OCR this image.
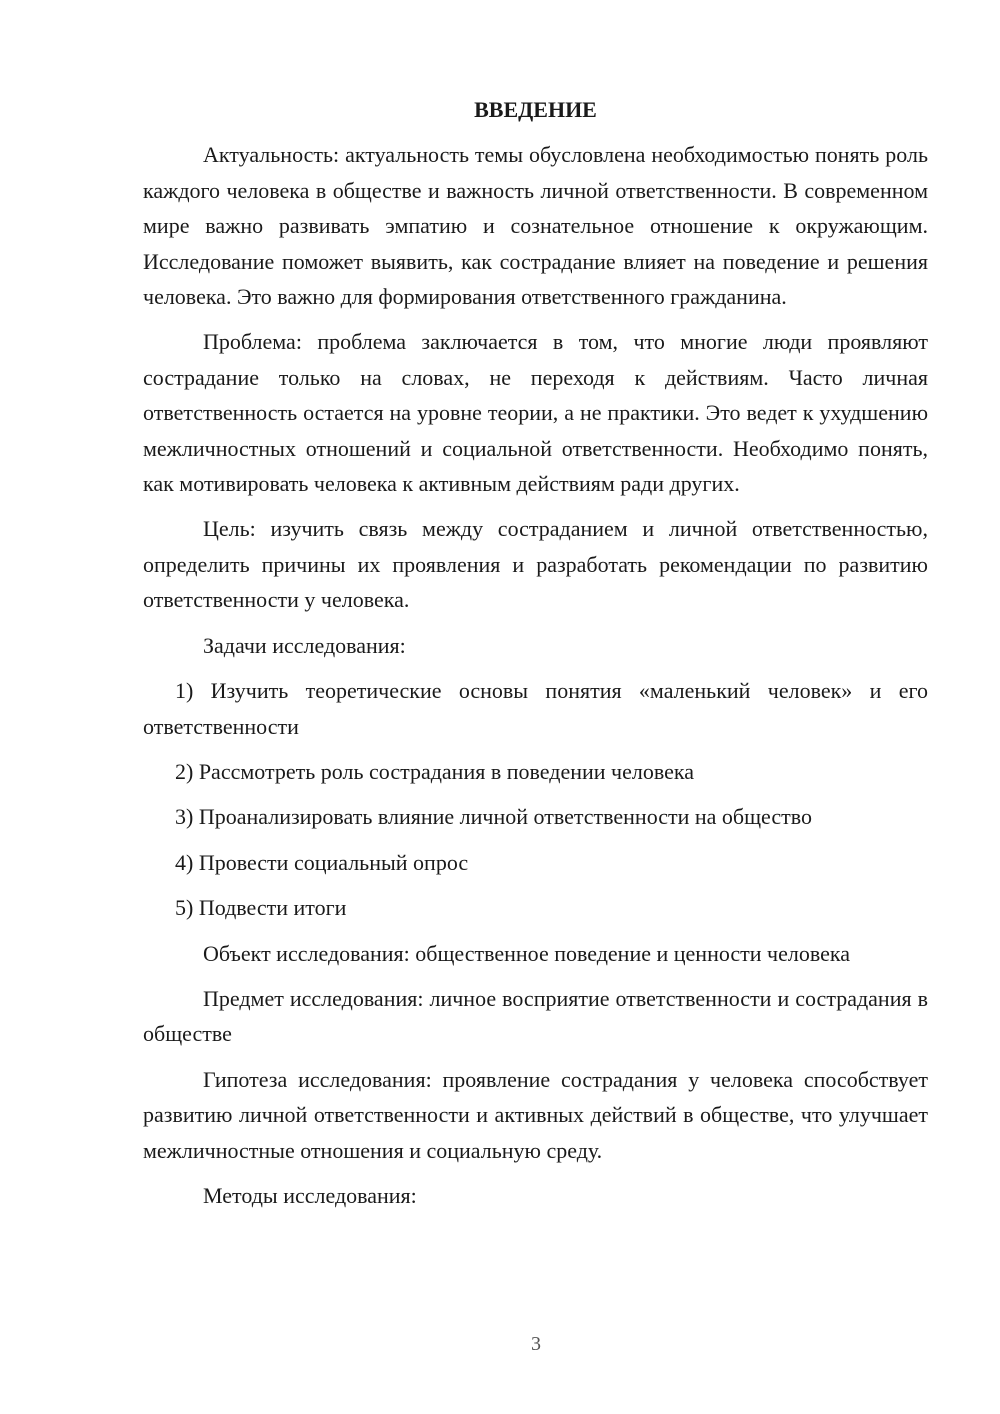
ВВЕДЕНИЕ

Актуальность: актуальность темы обусловлена необходимостью понять роль каждого человека в обществе и важность личной ответственности. В современном мире важно развивать эмпатию и сознательное отношение к окружающим. Исследование поможет выявить, как сострадание влияет на поведение и решения человека. Это важно для формирования ответственного гражданина.

Проблема: проблема заключается в том, что многие люди проявляют сострадание только на словах, не переходя к действиям. Часто личная ответственность остается на уровне теории, а не практики. Это ведет к ухудшению межличностных отношений и социальной ответственности. Необходимо понять, как мотивировать человека к активным действиям ради других.

Цель: изучить связь между состраданием и личной ответственностью, определить причины их проявления и разработать рекомендации по развитию ответственности у человека.

Задачи исследования:

1) Изучить теоретические основы понятия «маленький человек» и его ответственности

2) Рассмотреть роль сострадания в поведении человека

3) Проанализировать влияние личной ответственности на общество

4) Провести социальный опрос

5) Подвести итоги

Объект исследования: общественное поведение и ценности человека

Предмет исследования: личное восприятие ответственности и сострадания в обществе

Гипотеза исследования: проявление сострадания у человека способствует развитию личной ответственности и активных действий в обществе, что улучшает межличностные отношения и социальную среду.

Методы исследования:

3
